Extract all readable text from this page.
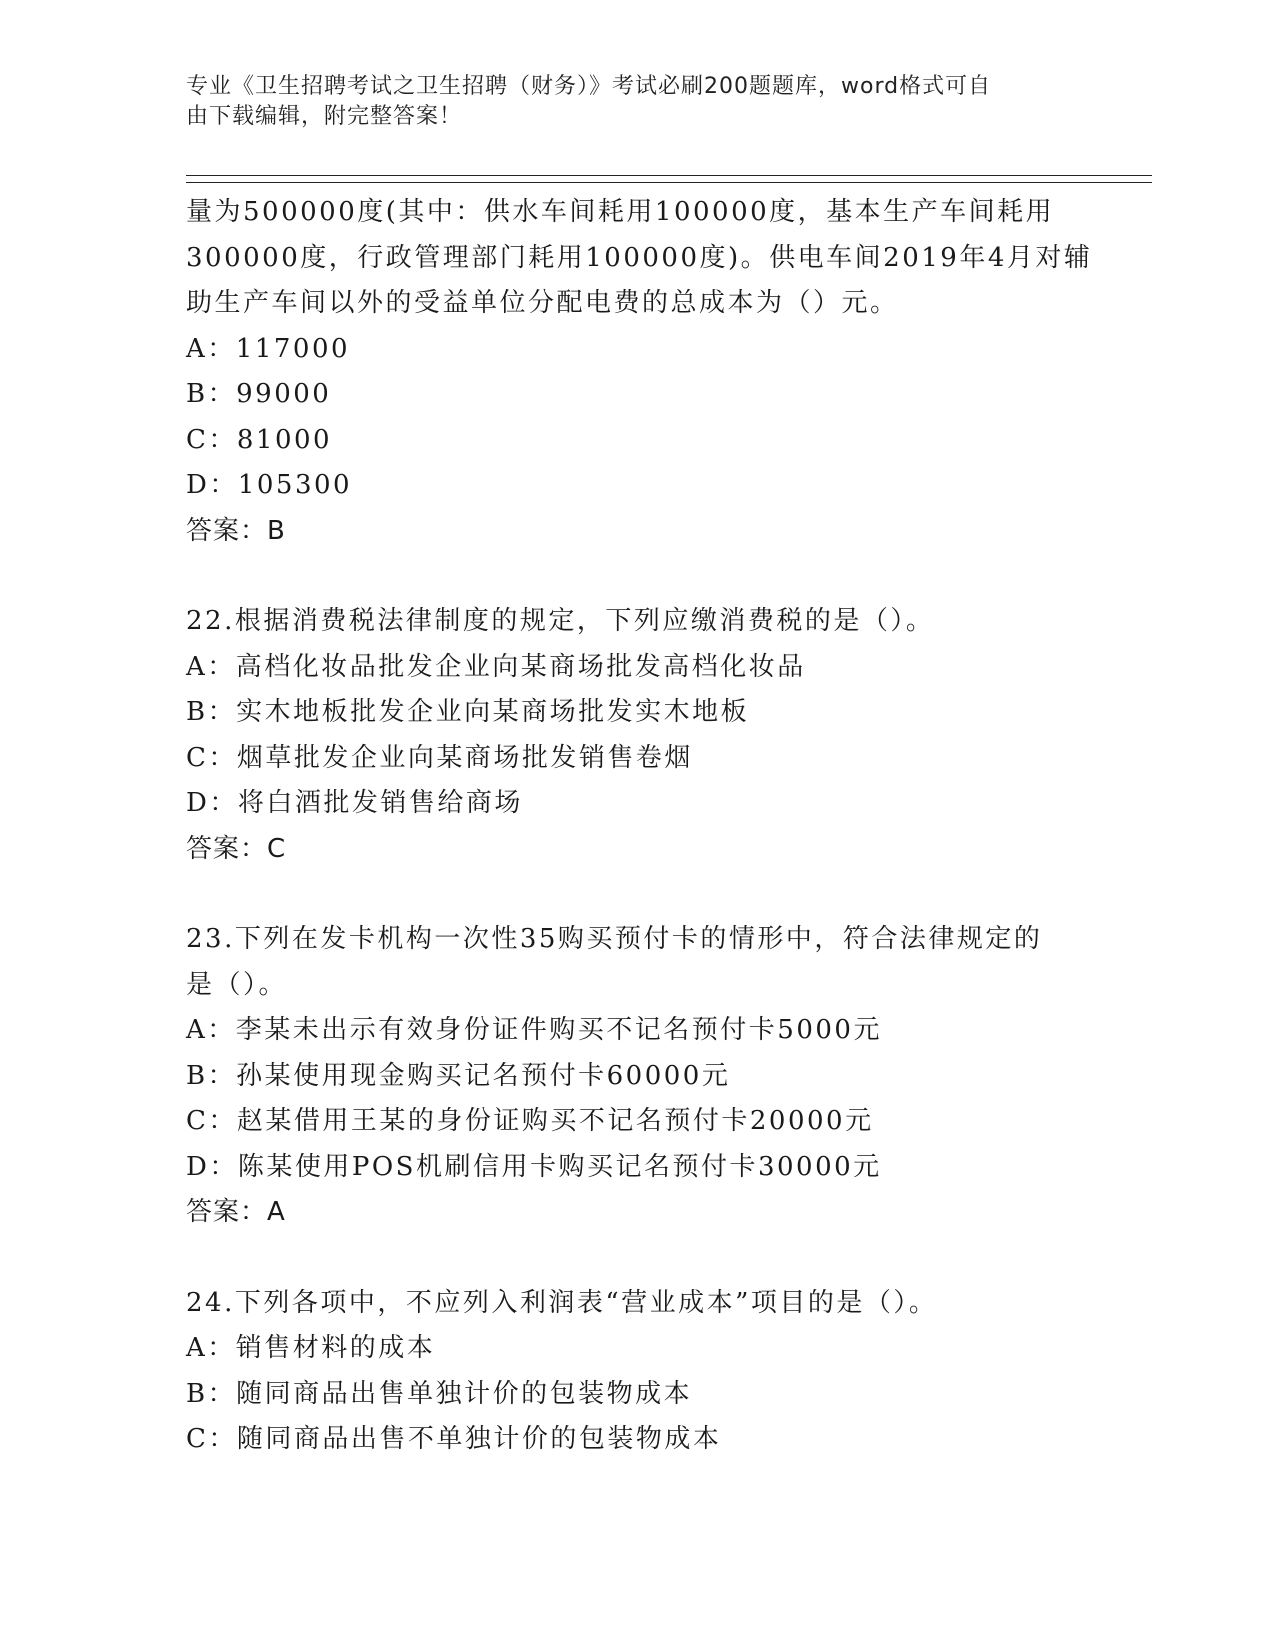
专业《卫生招聘考试之卫生招聘（财务）》考试必刷200题题库，word格式可自
由下载编辑，附完整答案！
量为500000度(其中：供水车间耗用100000度，基本生产车间耗用
300000度，行政管理部门耗用100000度)。供电车间2019年4月对辅
助生产车间以外的受益单位分配电费的总成本为（）元。
A：117000
B：99000
C：81000
D：105300
答案：B
22.根据消费税法律制度的规定，下列应缴消费税的是（）。
A：高档化妆品批发企业向某商场批发高档化妆品
B：实木地板批发企业向某商场批发实木地板
C：烟草批发企业向某商场批发销售卷烟
D：将白酒批发销售给商场
答案：C
23.下列在发卡机构一次性35购买预付卡的情形中，符合法律规定的
是（）。
A：李某未出示有效身份证件购买不记名预付卡5000元
B：孙某使用现金购买记名预付卡60000元
C：赵某借用王某的身份证购买不记名预付卡20000元
D：陈某使用POS机刷信用卡购买记名预付卡30000元
答案：A
24.下列各项中，不应列入利润表“营业成本”项目的是（）。
A：销售材料的成本
B：随同商品出售单独计价的包装物成本
C：随同商品出售不单独计价的包装物成本
